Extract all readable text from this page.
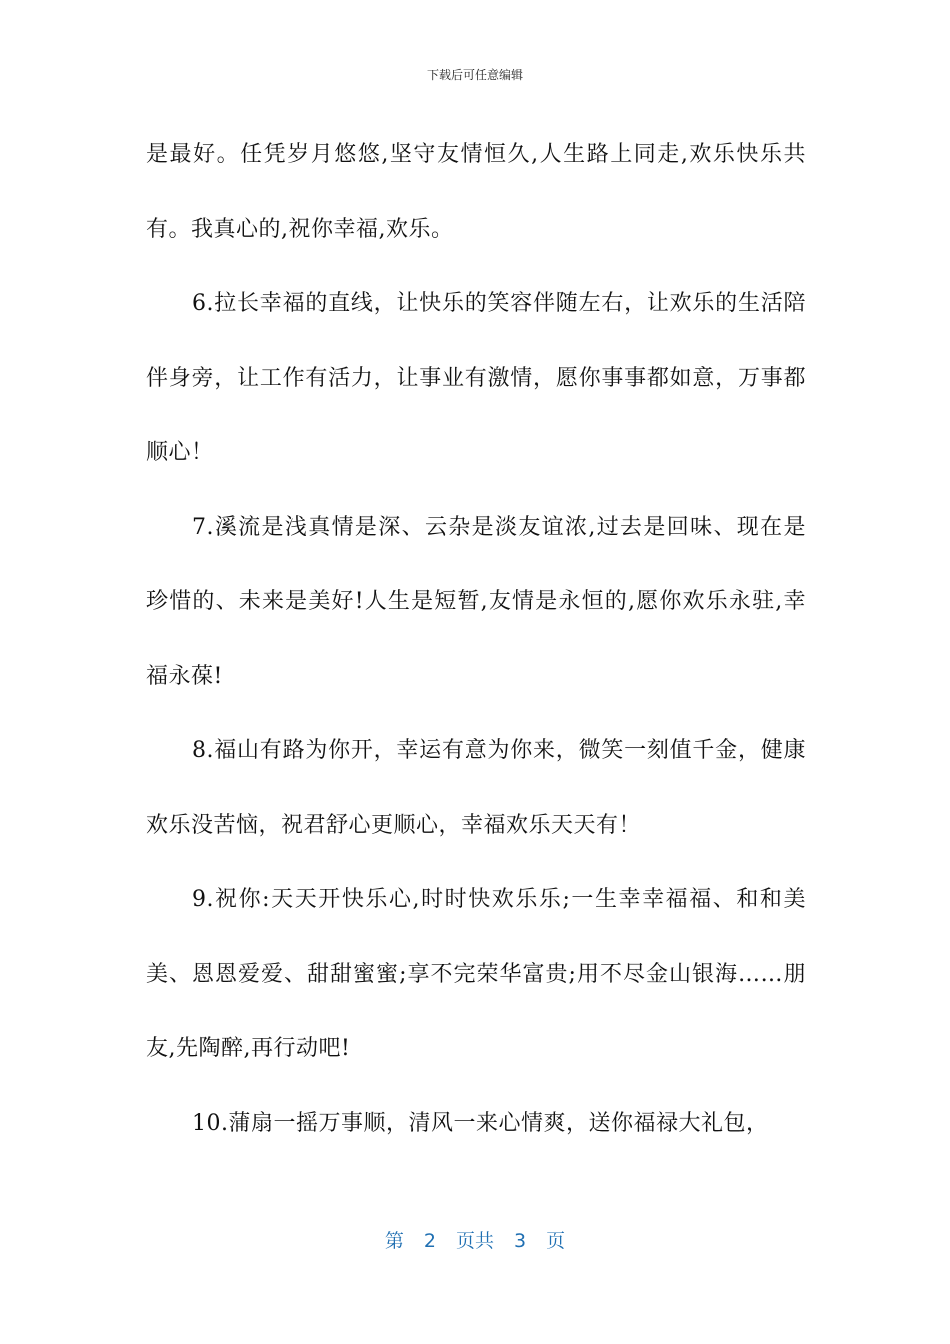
下载后可任意编辑

是最好。任凭岁月悠悠,坚守友情恒久,人生路上同走,欢乐快乐共有。我真心的,祝你幸福,欢乐。

6.拉长幸福的直线，让快乐的笑容伴随左右，让欢乐的生活陪伴身旁，让工作有活力，让事业有激情，愿你事事都如意，万事都顺心！

7.溪流是浅真情是深、云杂是淡友谊浓,过去是回味、现在是珍惜的、未来是美好!人生是短暂,友情是永恒的,愿你欢乐永驻,幸福永葆!

8.福山有路为你开，幸运有意为你来，微笑一刻值千金，健康欢乐没苦恼，祝君舒心更顺心，幸福欢乐天天有！

9.祝你:天天开快乐心,时时快欢乐乐;一生幸幸福福、和和美美、恩恩爱爱、甜甜蜜蜜;享不完荣华富贵;用不尽金山银海……朋友,先陶醉,再行动吧!

10.蒲扇一摇万事顺，清风一来心情爽，送你福禄大礼包，

第 2 页共 3 页
